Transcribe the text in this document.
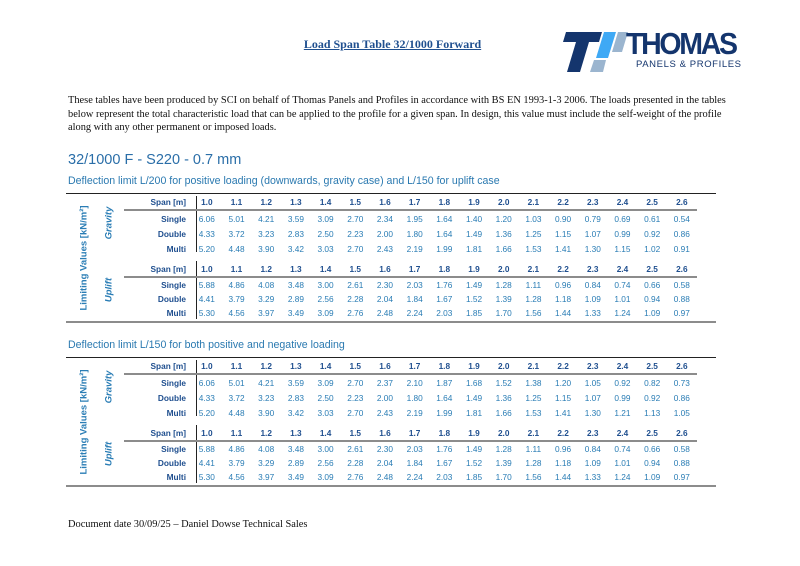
Load Span Table 32/1000 Forward	THOMAS
PANELS & PROFILES
These tables have been produced by SCI on behalf of Thomas Panels and Profiles in accordance with BS EN 1993-1-3 2006. The loads presented in the tables below represent the total characteristic load that can be applied to the profile for a given span. In design, this value must include the self-weight of the profile along with any other permanent or imposed loads.
32/1000 F - S220 - 0.7 mm
Deflection limit L/200 for positive loading (downwards, gravity case) and L/150 for uplift case
Limiting Values [kN/m²] Gravity
Span [m]	1.0	1.1	1.2	1.3	1.4	1.5	1.6	1.7	1.8	1.9	2.0	2.1	2.2	2.3	2.4	2.5	2.6
Single	6.06	5.01	4.21	3.59	3.09	2.70	2.34	1.95	1.64	1.40	1.20	1.03	0.90	0.79	0.69	0.61	0.54
Double	4.33	3.72	3.23	2.83	2.50	2.23	2.00	1.80	1.64	1.49	1.36	1.25	1.15	1.07	0.99	0.92	0.86
Multi	5.20	4.48	3.90	3.42	3.03	2.70	2.43	2.19	1.99	1.81	1.66	1.53	1.41	1.30	1.15	1.02	0.91
Uplift
Span [m]	1.0	1.1	1.2	1.3	1.4	1.5	1.6	1.7	1.8	1.9	2.0	2.1	2.2	2.3	2.4	2.5	2.6
Single	5.88	4.86	4.08	3.48	3.00	2.61	2.30	2.03	1.76	1.49	1.28	1.11	0.96	0.84	0.74	0.66	0.58
Double	4.41	3.79	3.29	2.89	2.56	2.28	2.04	1.84	1.67	1.52	1.39	1.28	1.18	1.09	1.01	0.94	0.88
Multi	5.30	4.56	3.97	3.49	3.09	2.76	2.48	2.24	2.03	1.85	1.70	1.56	1.44	1.33	1.24	1.09	0.97
Deflection limit L/150 for both positive and negative loading
Limiting Values [kN/m²] Gravity
Span [m]	1.0	1.1	1.2	1.3	1.4	1.5	1.6	1.7	1.8	1.9	2.0	2.1	2.2	2.3	2.4	2.5	2.6
Single	6.06	5.01	4.21	3.59	3.09	2.70	2.37	2.10	1.87	1.68	1.52	1.38	1.20	1.05	0.92	0.82	0.73
Double	4.33	3.72	3.23	2.83	2.50	2.23	2.00	1.80	1.64	1.49	1.36	1.25	1.15	1.07	0.99	0.92	0.86
Multi	5.20	4.48	3.90	3.42	3.03	2.70	2.43	2.19	1.99	1.81	1.66	1.53	1.41	1.30	1.21	1.13	1.05
Uplift
Span [m]	1.0	1.1	1.2	1.3	1.4	1.5	1.6	1.7	1.8	1.9	2.0	2.1	2.2	2.3	2.4	2.5	2.6
Single	5.88	4.86	4.08	3.48	3.00	2.61	2.30	2.03	1.76	1.49	1.28	1.11	0.96	0.84	0.74	0.66	0.58
Double	4.41	3.79	3.29	2.89	2.56	2.28	2.04	1.84	1.67	1.52	1.39	1.28	1.18	1.09	1.01	0.94	0.88
Multi	5.30	4.56	3.97	3.49	3.09	2.76	2.48	2.24	2.03	1.85	1.70	1.56	1.44	1.33	1.24	1.09	0.97
Document date 30/09/25 – Daniel Dowse Technical Sales
